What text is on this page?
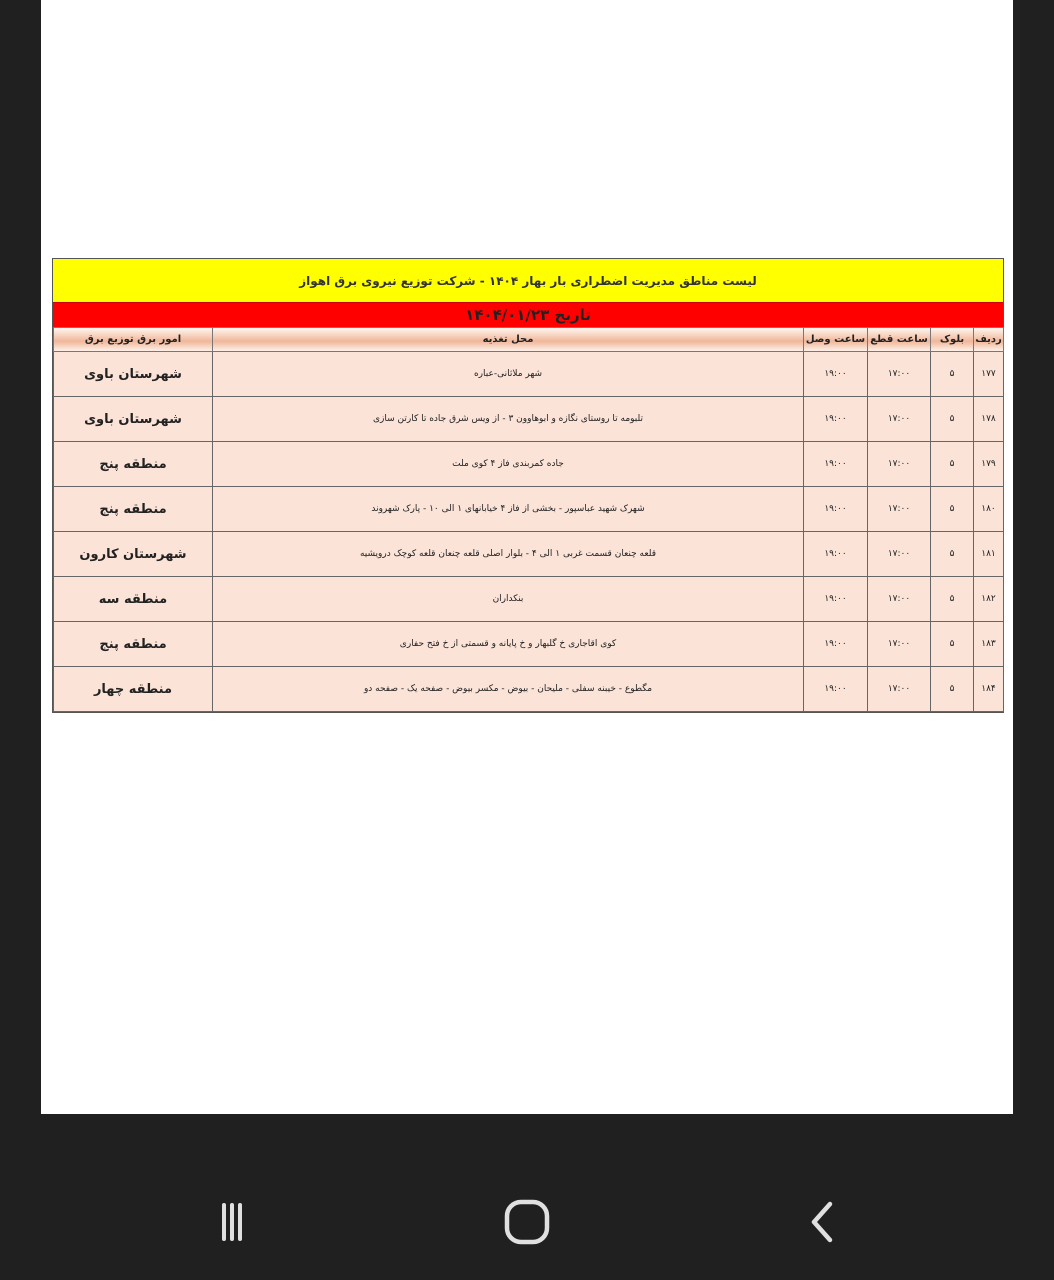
لیست مناطق مدیریت اضطراری بار بهار ۱۴۰۴ - شرکت توزیع نیروی برق اهواز
تاریخ ۱۴۰۴/۰۱/۲۳
ردیف	بلوک	ساعت قطع	ساعت وصل	محل تغذیه	امور برق توزیع برق
۱۷۷	۵	۱۷:۰۰	۱۹:۰۰	شهر ملاثانی-عباره	شهرستان باوی
۱۷۸	۵	۱۷:۰۰	۱۹:۰۰	تلبومه تا روستای نگازه و ابوهاوون ۳ - از ویس شرق جاده تا کارتن سازی	شهرستان باوی
۱۷۹	۵	۱۷:۰۰	۱۹:۰۰	جاده کمربندی فاز ۴ کوی ملت	منطقه پنج
۱۸۰	۵	۱۷:۰۰	۱۹:۰۰	شهرک شهید عباسپور - بخشی از فاز ۴ خیابانهای ۱ الی ۱۰ - پارک شهروند	منطقه پنج
۱۸۱	۵	۱۷:۰۰	۱۹:۰۰	قلعه چنعان قسمت غربی ۱ الی ۴ - بلوار اصلی قلعه چنعان قلعه کوچک درویشیه	شهرستان کارون
۱۸۲	۵	۱۷:۰۰	۱۹:۰۰	بنکداران	منطقه سه
۱۸۳	۵	۱۷:۰۰	۱۹:۰۰	کوی اقاجاری خ گلبهار و خ پایانه و قسمتی از خ فتح حفاری	منطقه پنج
۱۸۴	۵	۱۷:۰۰	۱۹:۰۰	مگطوع - خیبنه سفلی - ملیحان - بیوض - مکسر بیوض - صفحه یک - صفحه دو	منطقه چهار
